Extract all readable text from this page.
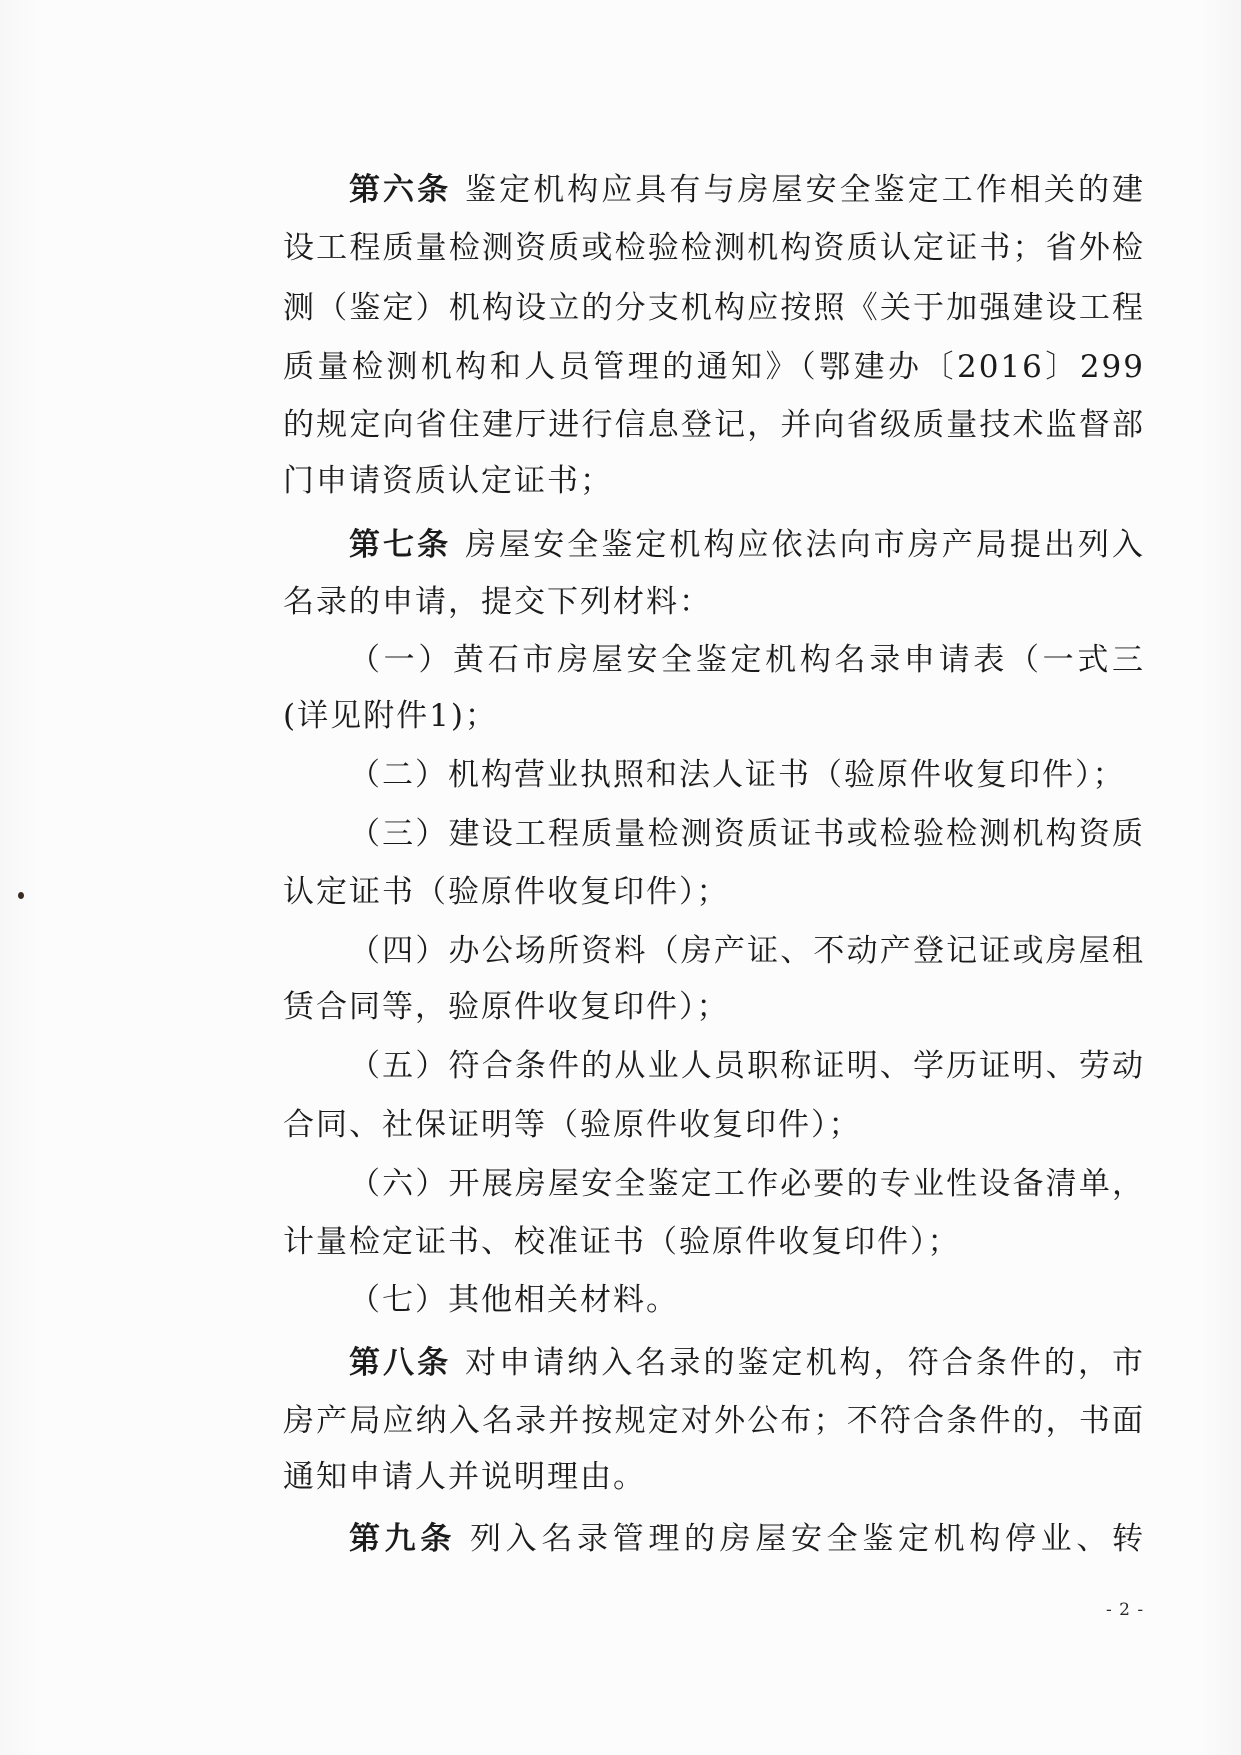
第六条 鉴定机构应具有与房屋安全鉴定工作相关的建
设工程质量检测资质或检验检测机构资质认定证书；省外检
测（鉴定）机构设立的分支机构应按照《关于加强建设工程
质量检测机构和人员管理的通知》（鄂建办〔2016〕299
的规定向省住建厅进行信息登记，并向省级质量技术监督部
门申请资质认定证书；
第七条 房屋安全鉴定机构应依法向市房产局提出列入
名录的申请，提交下列材料：
（一）黄石市房屋安全鉴定机构名录申请表（一式三
(详见附件1)；
（二）机构营业执照和法人证书（验原件收复印件）；
（三）建设工程质量检测资质证书或检验检测机构资质
认定证书（验原件收复印件）；
（四）办公场所资料（房产证、不动产登记证或房屋租
赁合同等，验原件收复印件）；
（五）符合条件的从业人员职称证明、学历证明、劳动
合同、社保证明等（验原件收复印件）；
（六）开展房屋安全鉴定工作必要的专业性设备清单，
计量检定证书、校准证书（验原件收复印件）；
（七）其他相关材料。
第八条 对申请纳入名录的鉴定机构，符合条件的，市
房产局应纳入名录并按规定对外公布；不符合条件的，书面
通知申请人并说明理由。
第九条 列入名录管理的房屋安全鉴定机构停业、转
- 2 -
